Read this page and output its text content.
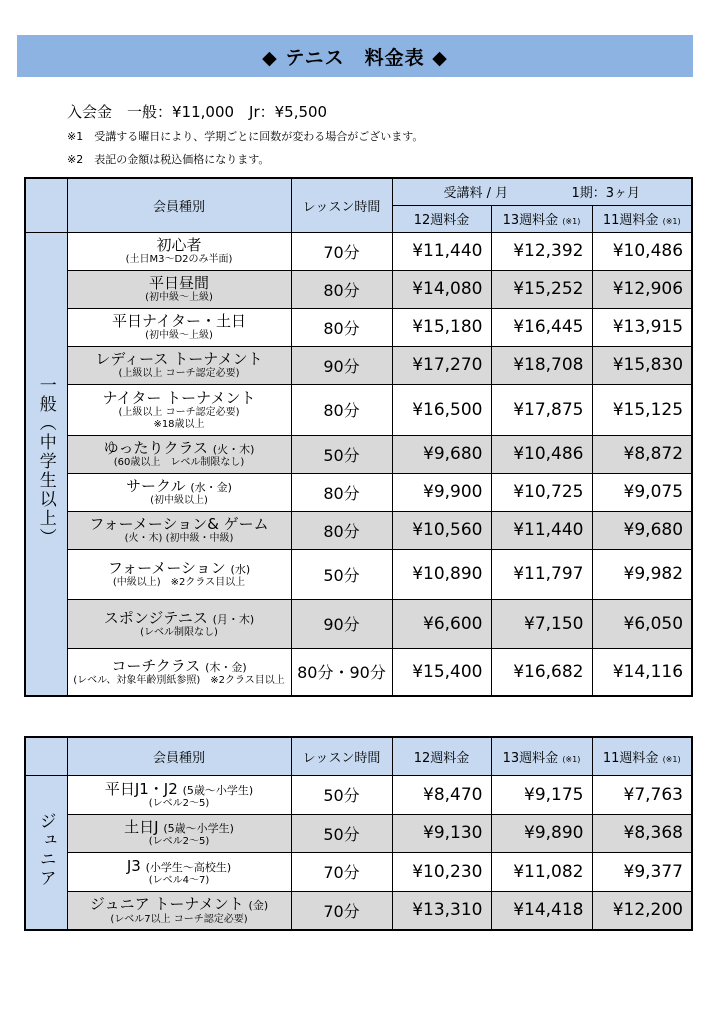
◆ テニス　料金表 ◆
入会金　一般：¥11,000　Jr：¥5,500
※1　受講する曜日により、学期ごとに回数が変わる場合がございます。
※2　表記の金額は税込価格になります。
	会員種別	レッスン時間	受講料 / 月 1期：3ヶ月		
			12週料金	13週料金 (※1)	11週料金 (※1)
一般（中学生以上）	初心者
(土日M3〜D2のみ半面)	70分	¥11,440	¥12,392	¥10,486
	平日昼間
(初中級〜上級)	80分	¥14,080	¥15,252	¥12,906
	平日ナイター・土日
(初中級〜上級)	80分	¥15,180	¥16,445	¥13,915
	レディース トーナメント
(上級以上 コーチ認定必要)	90分	¥17,270	¥18,708	¥15,830
	ナイター トーナメント
(上級以上 コーチ認定必要)
※18歳以上	80分	¥16,500	¥17,875	¥15,125
	ゆったりクラス (火・木)
(60歳以上　レベル制限なし)	50分	¥9,680	¥10,486	¥8,872
	サークル (水・金)
(初中級以上)	80分	¥9,900	¥10,725	¥9,075
	フォーメーション& ゲーム
(火・木) (初中級・中級)	80分	¥10,560	¥11,440	¥9,680
	フォーメーション (水)
(中級以上)　※2クラス目以上	50分	¥10,890	¥11,797	¥9,982
	スポンジテニス (月・木)
(レベル制限なし)	90分	¥6,600	¥7,150	¥6,050
	コーチクラス (木・金)
(レベル、対象年齢別紙参照)　※2クラス目以上	80分・90分	¥15,400	¥16,682	¥14,116
	会員種別	レッスン時間	12週料金	13週料金 (※1)	11週料金 (※1)
ジュニア	平日J1・J2 (5歳〜小学生)
(レベル2〜5)	50分	¥8,470	¥9,175	¥7,763
	土日J (5歳〜小学生)
(レベル2〜5)	50分	¥9,130	¥9,890	¥8,368
	J3 (小学生〜高校生)
(レベル4〜7)	70分	¥10,230	¥11,082	¥9,377
	ジュニア トーナメント (金)
(レベル7以上 コーチ認定必要)	70分	¥13,310	¥14,418	¥12,200
